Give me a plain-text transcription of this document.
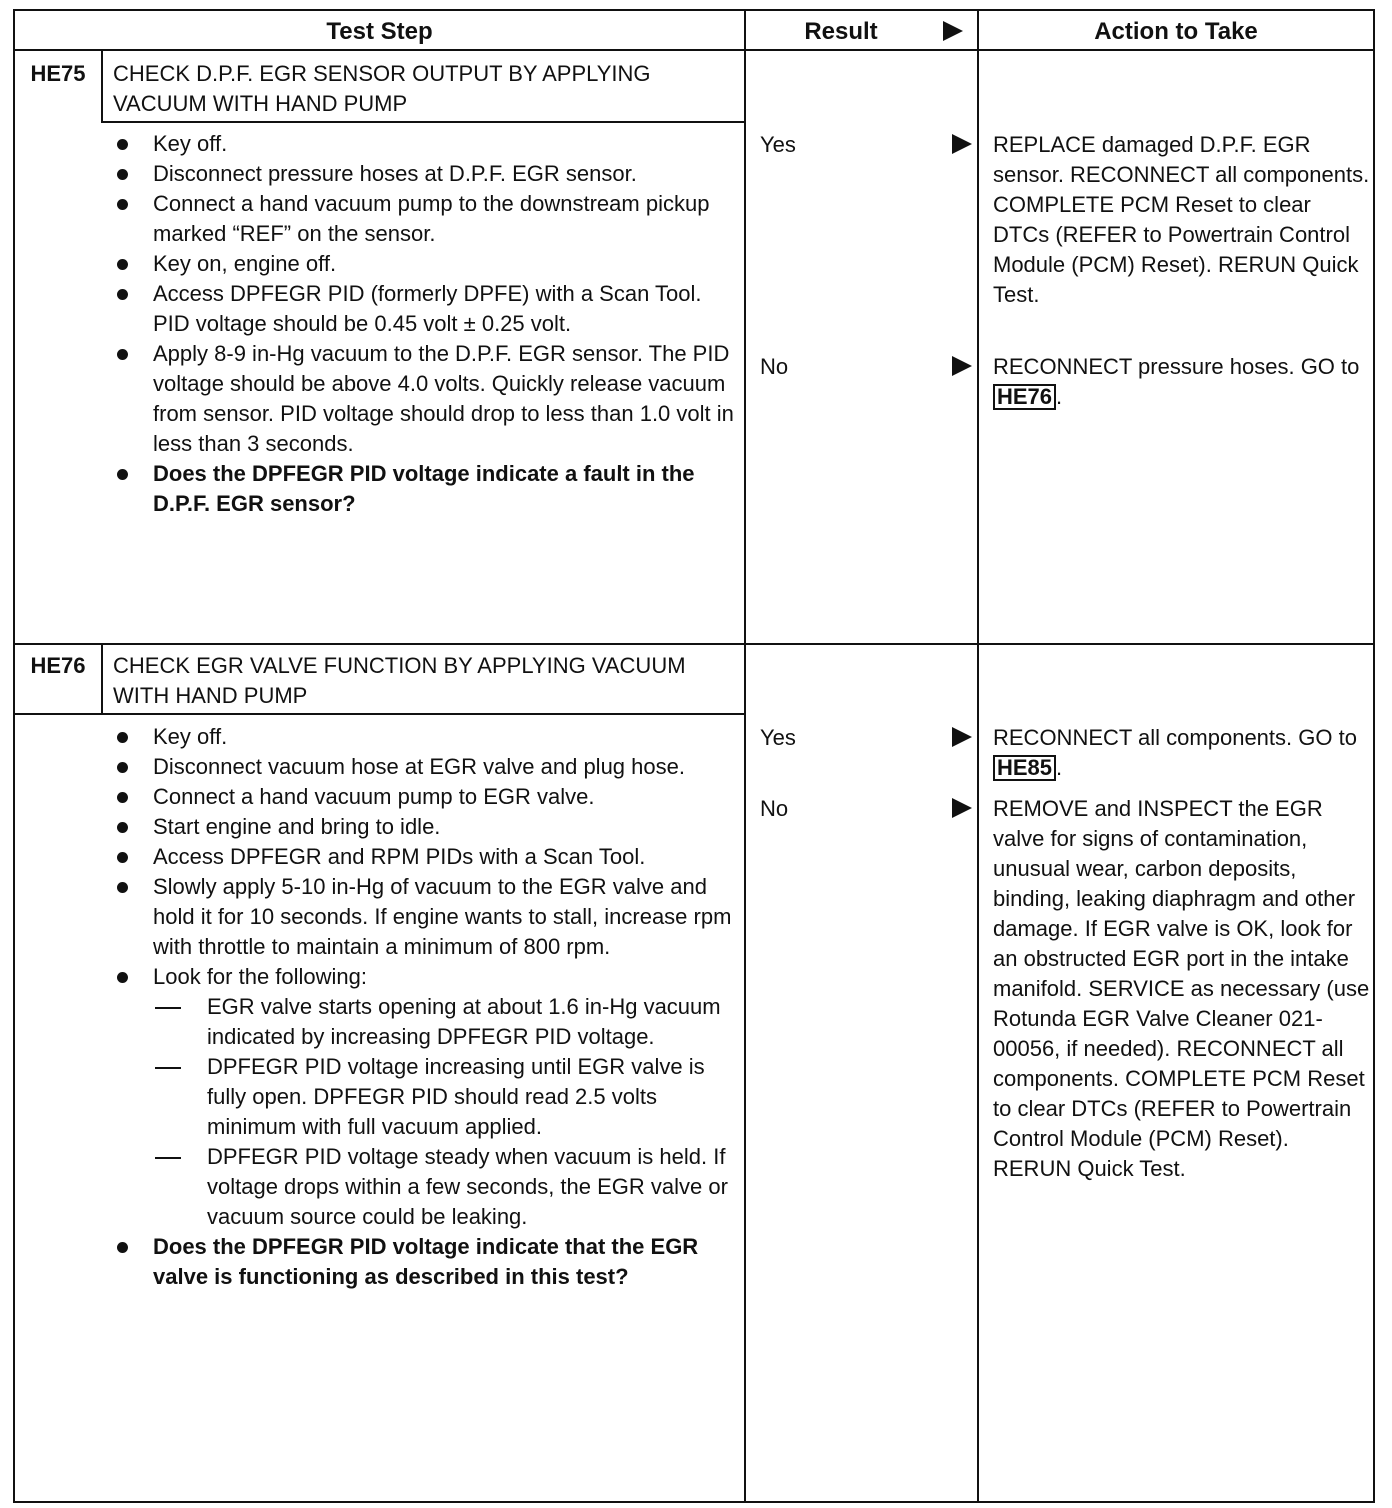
Test Step	Result	Action to Take
HE75	CHECK D.P.F. EGR SENSOR OUTPUT BY APPLYING VACUUM WITH HAND PUMP
Key off.
Disconnect pressure hoses at D.P.F. EGR sensor.
Connect a hand vacuum pump to the downstream pickup marked “REF” on the sensor.
Key on, engine off.
Access DPFEGR PID (formerly DPFE) with a Scan Tool. PID voltage should be 0.45 volt ± 0.25 volt.
Apply 8-9 in-Hg vacuum to the D.P.F. EGR sensor. The PID voltage should be above 4.0 volts. Quickly release vacuum from sensor. PID voltage should drop to less than 1.0 volt in less than 3 seconds.
Does the DPFEGR PID voltage indicate a fault in the D.P.F. EGR sensor?
Yes	REPLACE damaged D.P.F. EGR sensor. RECONNECT all components. COMPLETE PCM Reset to clear DTCs (REFER to Powertrain Control Module (PCM) Reset). RERUN Quick Test.
No	RECONNECT pressure hoses. GO to HE76 .
HE76	CHECK EGR VALVE FUNCTION BY APPLYING VACUUM WITH HAND PUMP
Key off.
Disconnect vacuum hose at EGR valve and plug hose.
Connect a hand vacuum pump to EGR valve.
Start engine and bring to idle.
Access DPFEGR and RPM PIDs with a Scan Tool.
Slowly apply 5-10 in-Hg of vacuum to the EGR valve and hold it for 10 seconds. If engine wants to stall, increase rpm with throttle to maintain a minimum of 800 rpm.
Look for the following:
EGR valve starts opening at about 1.6 in-Hg vacuum indicated by increasing DPFEGR PID voltage.
DPFEGR PID voltage increasing until EGR valve is fully open. DPFEGR PID should read 2.5 volts minimum with full vacuum applied.
DPFEGR PID voltage steady when vacuum is held. If voltage drops within a few seconds, the EGR valve or vacuum source could be leaking.
Does the DPFEGR PID voltage indicate that the EGR valve is functioning as described in this test?
Yes	RECONNECT all components. GO to HE85 .
No	REMOVE and INSPECT the EGR valve for signs of contamination, unusual wear, carbon deposits, binding, leaking diaphragm and other damage. If EGR valve is OK, look for an obstructed EGR port in the intake manifold. SERVICE as necessary (use Rotunda EGR Valve Cleaner 021-00056, if needed). RECONNECT all components. COMPLETE PCM Reset to clear DTCs (REFER to Powertrain Control Module (PCM) Reset). RERUN Quick Test.
